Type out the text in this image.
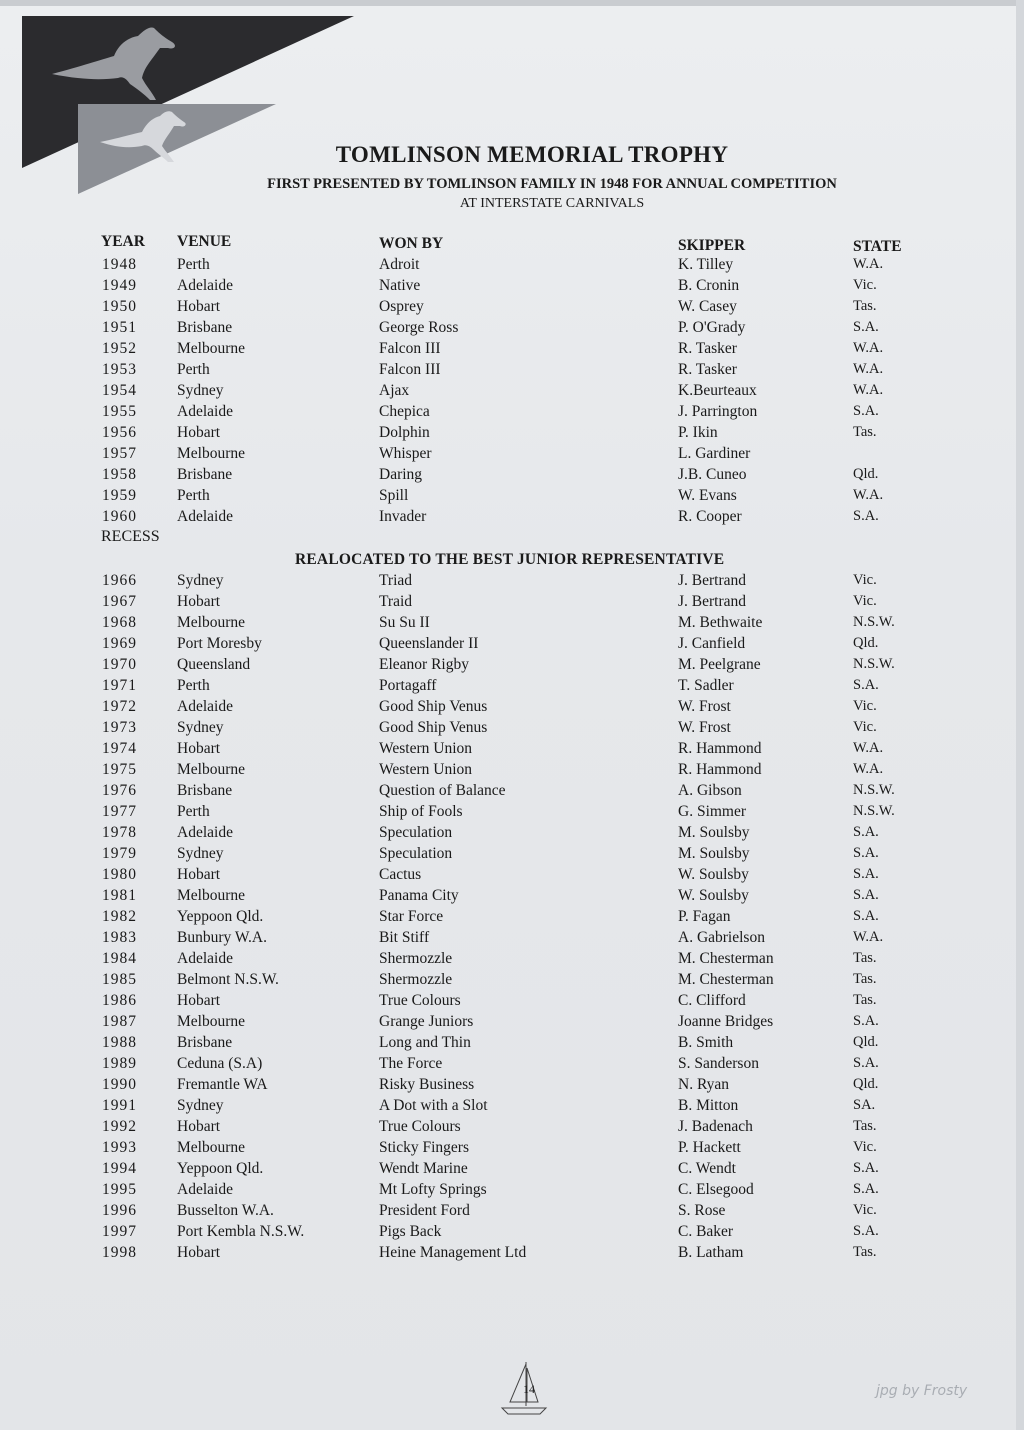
TOMLINSON MEMORIAL TROPHY
FIRST PRESENTED BY TOMLINSON FAMILY IN 1948 FOR ANNUAL COMPETITION
AT INTERSTATE CARNIVALS
YEAR VENUE	WON BY	SKIPPER	STATE
1948	Perth	Adroit	K. Tilley	W.A.
1949	Adelaide	Native	B. Cronin	Vic.
1950	Hobart	Osprey	W. Casey	Tas.
1951	Brisbane	George Ross	P. O'Grady	S.A.
1952	Melbourne	Falcon III	R. Tasker	W.A.
1953	Perth	Falcon III	R. Tasker	W.A.
1954	Sydney	Ajax	K.Beurteaux	W.A.
1955	Adelaide	Chepica	J. Parrington	S.A.
1956	Hobart	Dolphin	P. Ikin	Tas.
1957	Melbourne	Whisper	L. Gardiner
1958	Brisbane	Daring	J.B. Cuneo	Qld.
1959	Perth	Spill	W. Evans	W.A.
1960	Adelaide	Invader	R. Cooper	S.A.
RECESS
REALOCATED TO THE BEST JUNIOR REPRESENTATIVE
1966	Sydney	Triad	J. Bertrand	Vic.
1967	Hobart	Traid	J. Bertrand	Vic.
1968	Melbourne	Su Su II	M. Bethwaite	N.S.W.
1969	Port Moresby	Queenslander II	J. Canfield	Qld.
1970	Queensland	Eleanor Rigby	M. Peelgrane	N.S.W.
1971	Perth	Portagaff	T. Sadler	S.A.
1972	Adelaide	Good Ship Venus	W. Frost	Vic.
1973	Sydney	Good Ship Venus	W. Frost	Vic.
1974	Hobart	Western Union	R. Hammond	W.A.
1975	Melbourne	Western Union	R. Hammond	W.A.
1976	Brisbane	Question of Balance	A. Gibson	N.S.W.
1977	Perth	Ship of Fools	G. Simmer	N.S.W.
1978	Adelaide	Speculation	M. Soulsby	S.A.
1979	Sydney	Speculation	M. Soulsby	S.A.
1980	Hobart	Cactus	W. Soulsby	S.A.
1981	Melbourne	Panama City	W. Soulsby	S.A.
1982	Yeppoon Qld.	Star Force	P. Fagan	S.A.
1983	Bunbury W.A.	Bit Stiff	A. Gabrielson	W.A.
1984	Adelaide	Shermozzle	M. Chesterman	Tas.
1985	Belmont N.S.W.	Shermozzle	M. Chesterman	Tas.
1986	Hobart	True Colours	C. Clifford	Tas.
1987	Melbourne	Grange Juniors	Joanne Bridges	S.A.
1988	Brisbane	Long and Thin	B. Smith	Qld.
1989	Ceduna (S.A)	The Force	S. Sanderson	S.A.
1990	Fremantle WA	Risky Business	N. Ryan	Qld.
1991	Sydney	A Dot with a Slot	B. Mitton	SA.
1992	Hobart	True Colours	J. Badenach	Tas.
1993	Melbourne	Sticky Fingers	P. Hackett	Vic.
1994	Yeppoon Qld.	Wendt Marine	C. Wendt	S.A.
1995	Adelaide	Mt Lofty Springs	C. Elsegood	S.A.
1996	Busselton W.A.	President Ford	S. Rose	Vic.
1997	Port Kembla N.S.W.	Pigs Back	C. Baker	S.A.
1998	Hobart	Heine Management Ltd	B. Latham	Tas.
14	jpg by Frosty
